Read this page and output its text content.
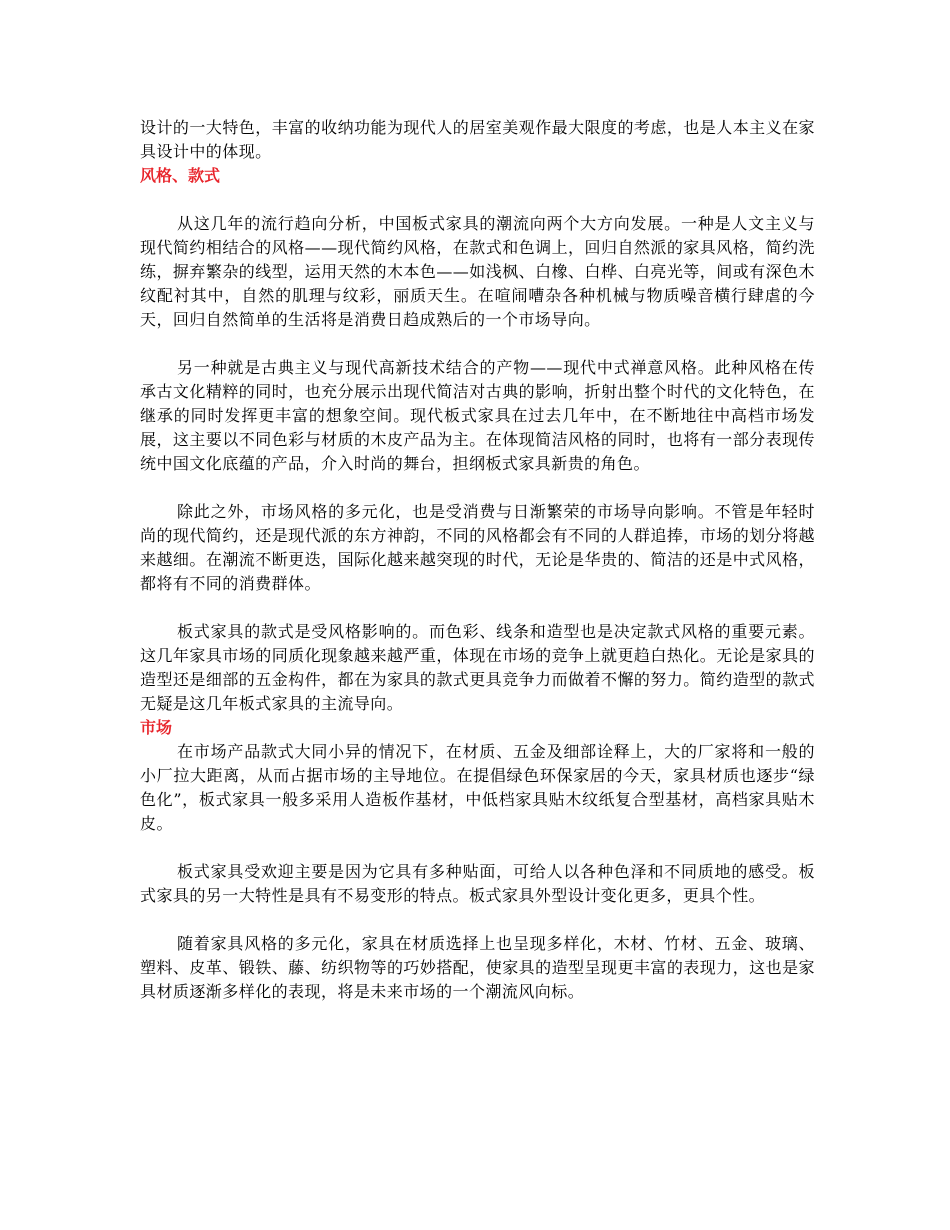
设计的一大特色，丰富的收纳功能为现代人的居室美观作最大限度的考虑，也是人本主义在家具设计中的体现。

风格、款式

从这几年的流行趋向分析，中国板式家具的潮流向两个大方向发展。一种是人文主义与现代简约相结合的风格——现代简约风格，在款式和色调上，回归自然派的家具风格，简约洗练，摒弃繁杂的线型，运用天然的木本色——如浅枫、白橡、白桦、白亮光等，间或有深色木纹配衬其中，自然的肌理与纹彩，丽质天生。在喧闹嘈杂各种机械与物质噪音横行肆虐的今天，回归自然简单的生活将是消费日趋成熟后的一个市场导向。

另一种就是古典主义与现代高新技术结合的产物——现代中式禅意风格。此种风格在传承古文化精粹的同时，也充分展示出现代简洁对古典的影响，折射出整个时代的文化特色，在继承的同时发挥更丰富的想象空间。现代板式家具在过去几年中，在不断地往中高档市场发展，这主要以不同色彩与材质的木皮产品为主。在体现简洁风格的同时，也将有一部分表现传统中国文化底蕴的产品，介入时尚的舞台，担纲板式家具新贵的角色。

除此之外，市场风格的多元化，也是受消费与日渐繁荣的市场导向影响。不管是年轻时尚的现代简约，还是现代派的东方神韵，不同的风格都会有不同的人群追捧，市场的划分将越来越细。在潮流不断更迭，国际化越来越突现的时代，无论是华贵的、简洁的还是中式风格，都将有不同的消费群体。

板式家具的款式是受风格影响的。而色彩、线条和造型也是决定款式风格的重要元素。这几年家具市场的同质化现象越来越严重，体现在市场的竞争上就更趋白热化。无论是家具的造型还是细部的五金构件，都在为家具的款式更具竞争力而做着不懈的努力。简约造型的款式无疑是这几年板式家具的主流导向。

市场

在市场产品款式大同小异的情况下，在材质、五金及细部诠释上，大的厂家将和一般的小厂拉大距离，从而占据市场的主导地位。在提倡绿色环保家居的今天，家具材质也逐步“绿色化”，板式家具一般多采用人造板作基材，中低档家具贴木纹纸复合型基材，高档家具贴木皮。

板式家具受欢迎主要是因为它具有多种贴面，可给人以各种色泽和不同质地的感受。板式家具的另一大特性是具有不易变形的特点。板式家具外型设计变化更多，更具个性。

随着家具风格的多元化，家具在材质选择上也呈现多样化，木材、竹材、五金、玻璃、塑料、皮革、锻铁、藤、纺织物等的巧妙搭配，使家具的造型呈现更丰富的表现力，这也是家具材质逐渐多样化的表现，将是未来市场的一个潮流风向标。
